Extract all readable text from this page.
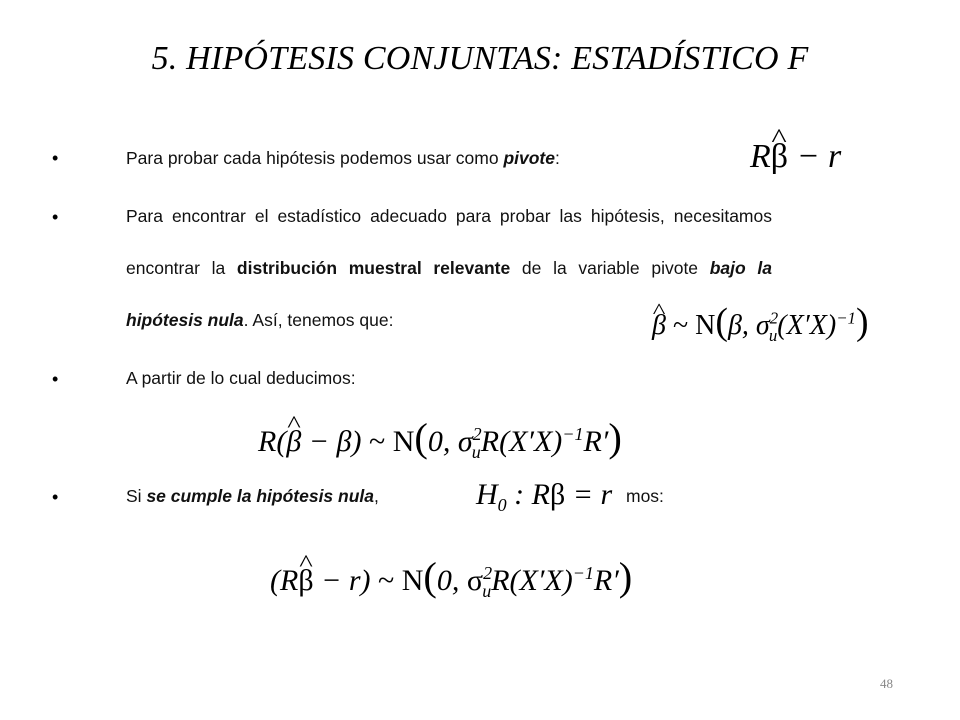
5. HIPÓTESIS CONJUNTAS: ESTADÍSTICO F
•	Para probar cada hipótesis podemos usar como pivote:	R^ β − r
•	Para encontrar el estadístico adecuado para probar las hipótesis, necesitamos
encontrar la distribución muestral relevante de la variable pivote bajo la
hipótesis nula. Así, tenemos que:
^	β ~ N(β, $\sigma^2_u(X'X)^{-1}$)
•	A partir de lo cual deducimos:
R(^ β − β) ~ N(0, $\sigma^2_uR(X'X)^{-1}R'$)
•	Si se cumple la hipótesis nula,	$H_0$ : Rβ = r mos:
(R^ β − r) ~ N(0, $\sigma^2_uR(X'X)^{-1}R'$)
48
